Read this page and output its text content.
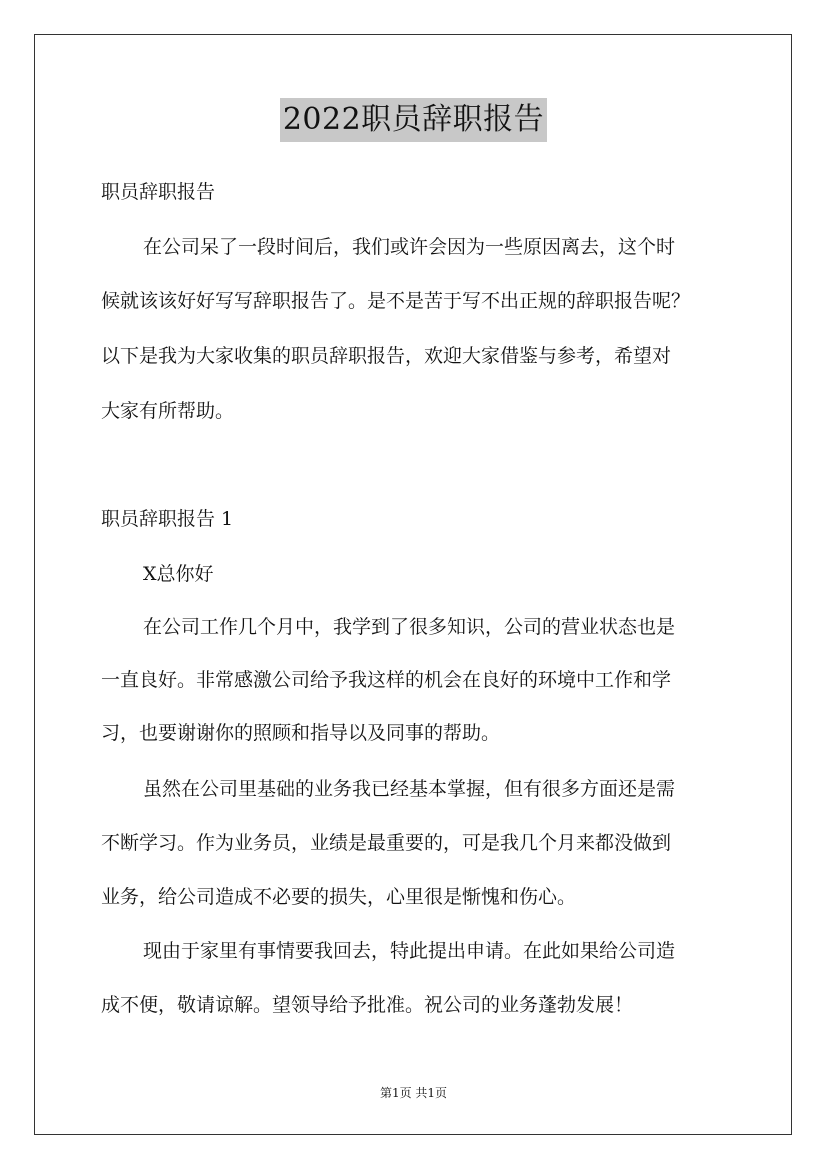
2022职员辞职报告
职员辞职报告
在公司呆了一段时间后，我们或许会因为一些原因离去，这个时
候就该该好好写写辞职报告了。是不是苦于写不出正规的辞职报告呢？
以下是我为大家收集的职员辞职报告，欢迎大家借鉴与参考，希望对
大家有所帮助。
职员辞职报告 1
X总你好
在公司工作几个月中，我学到了很多知识，公司的营业状态也是
一直良好。非常感激公司给予我这样的机会在良好的环境中工作和学
习，也要谢谢你的照顾和指导以及同事的帮助。
虽然在公司里基础的业务我已经基本掌握，但有很多方面还是需
不断学习。作为业务员，业绩是最重要的，可是我几个月来都没做到
业务，给公司造成不必要的损失，心里很是惭愧和伤心。
现由于家里有事情要我回去，特此提出申请。在此如果给公司造
成不便，敬请谅解。望领导给予批准。祝公司的业务蓬勃发展！
第1页 共1页
